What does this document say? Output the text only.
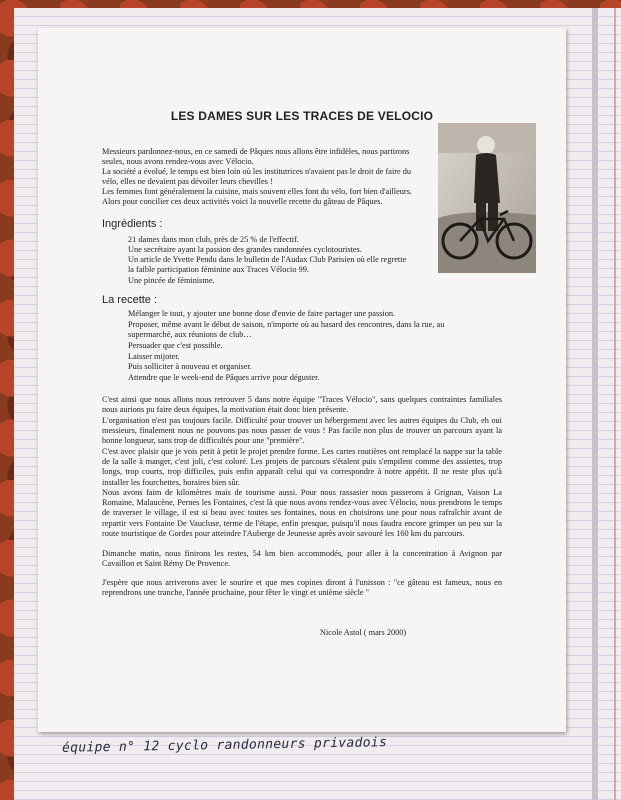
LES DAMES SUR LES TRACES DE VELOCIO
Messieurs pardonnez-nous, en ce samedi de Pâques nous allons être infidèles, nous partirons
seules, nous avons rendez-vous avec Vélocio.
La société a évolué, le temps est bien loin où les institutrices n'avaient pas le droit de faire du
vélo, elles ne devaient pas dévoiler leurs chevilles !
Les femmes font généralement la cuisine, mais souvent elles font du vélo, fort bien d'ailleurs.
Alors pour concilier ces deux activités voici la nouvelle recette du gâteau de Pâques.
Ingrédients :
21 dames dans mon club, près de 25 % de l'effectif.
Une secrétaire ayant la passion des grandes randonnées cyclotouristes.
Un article de Yvette Pendu dans le bulletin de l'Audax Club Parisien où elle regrette
la faible participation féminine aux Traces Vélocio 99.
Une pincée de féminisme.
La recette :
Mélanger le tout, y ajouter une bonne dose d'envie de faire partager une passion.
Proposer, même avant le début de saison, n'importe où au hasard des rencontres, dans la rue, au
supermarché, aux réunions de club…
Persuader que c'est possible.
Laisser mijoter.
Puis solliciter à nouveau et organiser.
Attendre que le week-end de Pâques arrive pour déguster.
C'est ainsi que nous allons nous retrouver 5 dans notre équipe "Traces Vélocio", sans quelques contraintes familiales nous aurions pu faire deux équipes, la motivation était donc bien présente.
L'organisation n'est pas toujours facile. Difficulté pour trouver un hébergement avec les autres équipes du Club, eh oui messieurs, finalement nous ne pouvons pas nous passer de vous ! Pas facile non plus de trouver un parcours ayant la bonne longueur, sans trop de difficultés pour une "première".
C'est avec plaisir que je vois petit à petit le projet prendre forme. Les cartes routières ont remplacé la nappe sur la table de la salle à manger, c'est joli, c'est coloré. Les projets de parcours s'étalent puis s'empilent comme des assiettes, trop longs, trop courts, trop difficiles, puis enfin apparaît celui qui va correspondre à notre appétit. Il ne reste plus qu'à installer les fourchettes, horaires bien sûr.
Nous avons faim de kilomètres mais de tourisme aussi. Pour nous rassasier nous passerons à Grignan, Vaison La Romaine, Malaucène, Pernes les Fontaines, c'est là que nous avons rendez-vous avec Vélocio, nous prendrons le temps de traverser le village, il est si beau avec toutes ses fontaines, nous en choisirons une pour nous rafraîchir avant de repartir vers Fontaine De Vaucluse, terme de l'étape, enfin presque, puisqu'il nous faudra encore grimper un peu sur la route touristique de Gordes pour atteindre l'Auberge de Jeunesse après avoir savouré les 160 km du parcours.
Dimanche matin, nous finirons les restes, 54 km bien accommodés, pour aller à la concentration à Avignon par Cavaillon et Saint Rémy De Provence.
J'espère que nous arriverons avec le sourire et que mes copines diront à l'unisson : "ce gâteau est fameux, nous en reprendrons une tranche, l'année prochaine, pour fêter le vingt et unième siècle "
Nicole Astol ( mars 2000)
équipe n° 12 cyclo randonneurs privadois
